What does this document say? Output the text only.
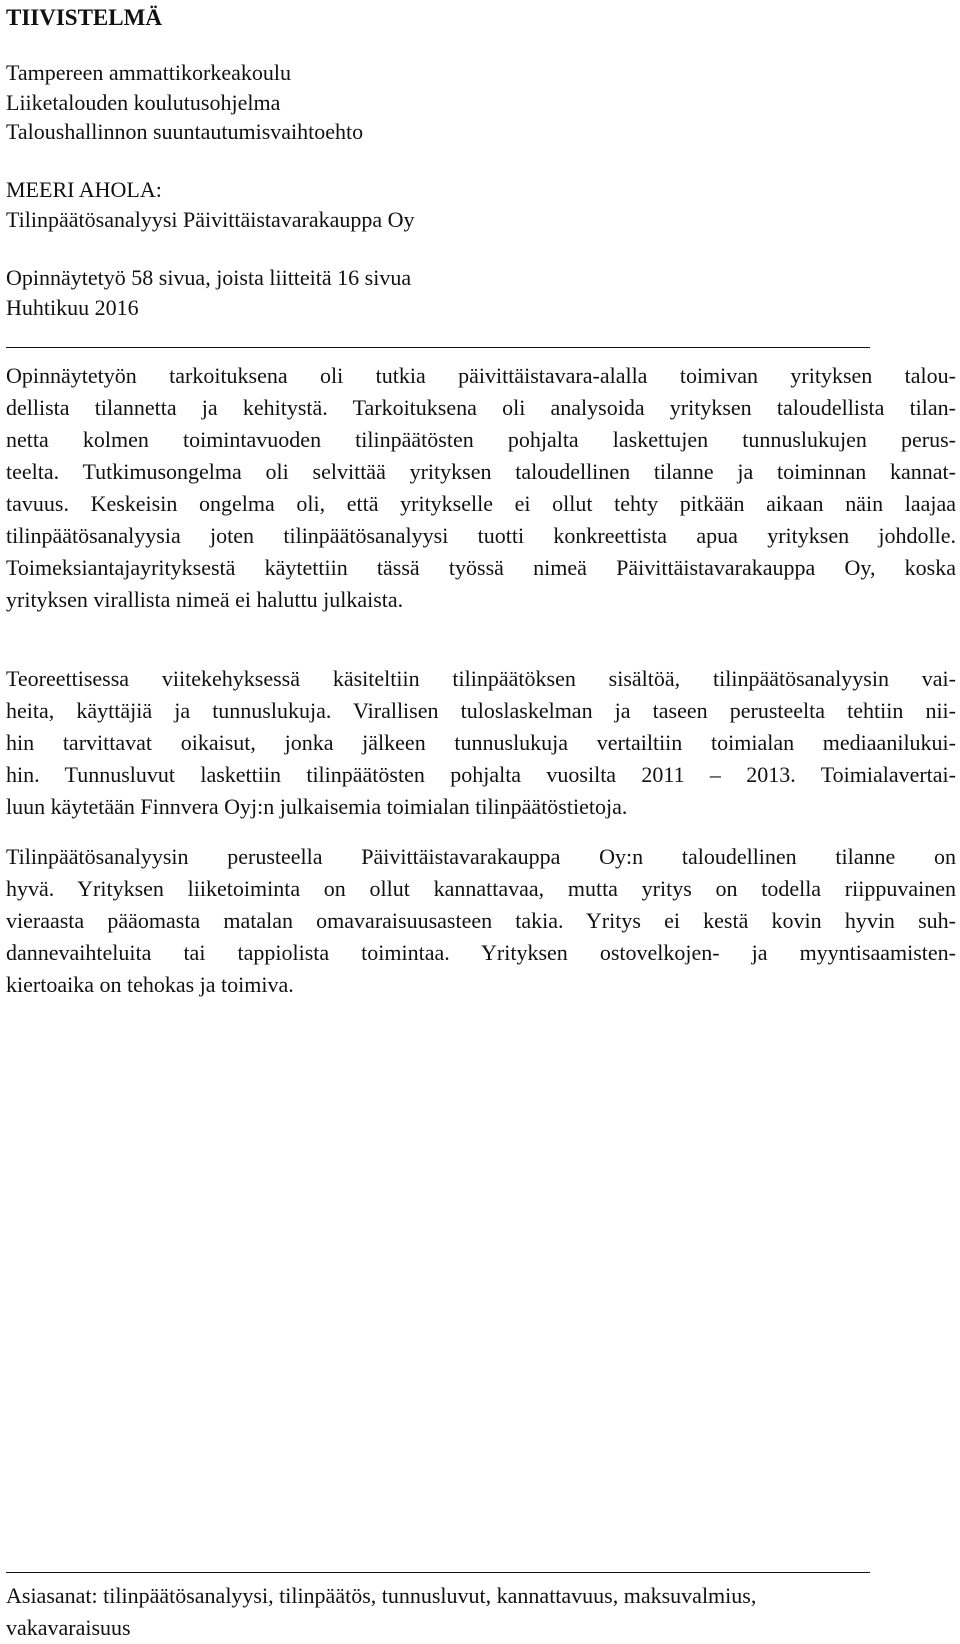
TIIVISTELMÄ
Tampereen ammattikorkeakoulu
Liiketalouden koulutusohjelma
Taloushallinnon suuntautumisvaihtoehto
MEERI AHOLA:
Tilinpäätösanalyysi Päivittäistavarakauppa Oy
Opinnäytetyö 58 sivua, joista liitteitä 16 sivua
Huhtikuu 2016
Opinnäytetyön tarkoituksena oli tutkia päivittäistavara-alalla toimivan yrityksen talou-
dellista tilannetta ja kehitystä. Tarkoituksena oli analysoida yrityksen taloudellista tilan-
netta kolmen toimintavuoden tilinpäätösten pohjalta laskettujen tunnuslukujen perus-
teelta. Tutkimusongelma oli selvittää yrityksen taloudellinen tilanne ja toiminnan kannat-
tavuus. Keskeisin ongelma oli, että yritykselle ei ollut tehty pitkään aikaan näin laajaa
tilinpäätösanalyysia joten tilinpäätösanalyysi tuotti konkreettista apua yrityksen johdolle.
Toimeksiantajayrityksestä käytettiin tässä työssä nimeä Päivittäistavarakauppa Oy, koska
yrityksen virallista nimeä ei haluttu julkaista.
Teoreettisessa viitekehyksessä käsiteltiin tilinpäätöksen sisältöä, tilinpäätösanalyysin vai-
heita, käyttäjiä ja tunnuslukuja. Virallisen tuloslaskelman ja taseen perusteelta tehtiin nii-
hin tarvittavat oikaisut, jonka jälkeen tunnuslukuja vertailtiin toimialan mediaanilukui-
hin. Tunnusluvut laskettiin tilinpäätösten pohjalta vuosilta 2011 – 2013. Toimialavertai-
luun käytetään Finnvera Oyj:n julkaisemia toimialan tilinpäätöstietoja.
Tilinpäätösanalyysin perusteella Päivittäistavarakauppa Oy:n taloudellinen tilanne on
hyvä. Yrityksen liiketoiminta on ollut kannattavaa, mutta yritys on todella riippuvainen
vieraasta pääomasta matalan omavaraisuusasteen takia. Yritys ei kestä kovin hyvin suh-
dannevaihteluita tai tappiolista toimintaa. Yrityksen ostovelkojen- ja myyntisaamisten-
kiertoaika on tehokas ja toimiva.
Asiasanat: tilinpäätösanalyysi, tilinpäätös, tunnusluvut, kannattavuus, maksuvalmius,
vakavaraisuus
